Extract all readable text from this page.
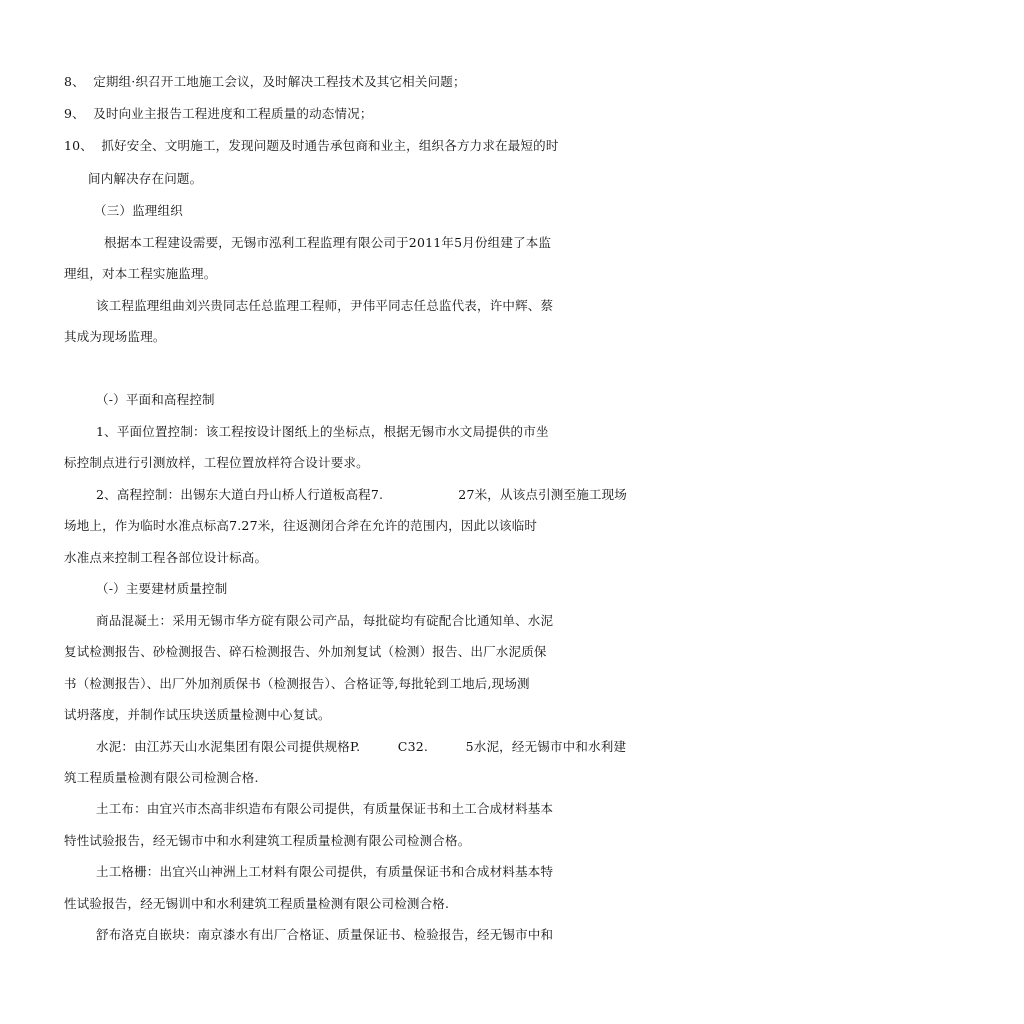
8、  定期组·织召开工地施工会议，及时解决工程技术及其它相关问题；
9、  及时向业主报告工程进度和工程质量的动态情况；
10、  抓好安全、文明施工，发现问题及时通告承包商和业主，组织各方力求在最短的时
间内解决存在问题。
（三）监理组织
根据本工程建设需要，无锡市泓利工程监理有限公司于2011年5月份组建了本监
理组，对本工程实施监理。
该工程监理组曲刘兴贵同志任总监理工程师，尹伟平同志任总监代表，许中辉、蔡
其成为现场监理。
（-）平面和高程控制
1、平面位置控制：该工程按设计图纸上的坐标点，根据无锡市水文局提供的市坐
标控制点进行引测放样，工程位置放样符合设计要求。
2、高程控制：出锡东大道白丹山桥人行道板高程7.                  27米，从该点引测至施工现场
场地上，作为临时水准点标高7.27米，往返测闭合斧在允许的范围内，因此以该临时
水准点来控制工程各部位设计标高。
（-）主要建材质量控制
商品混凝土：采用无锡市华方碇有限公司产品，每批碇均有碇配合比通知单、水泥
复试检测报告、砂检测报告、碎石检测报告、外加剂复试（检测）报告、出厂水泥质保
书（检测报告）、出厂外加剂质保书（检测报告）、合格证等,每批轮到工地后,现场测
试坍落度，并制作试压块送质量检测中心复试。
水泥：由江苏天山水泥集团有限公司提供规格P.         C32.         5水泥，经无锡市中和水利建
筑工程质量检测有限公司检测合格.
土工布：由宜兴市杰高非织造布有限公司提供，有质量保证书和土工合成材料基本
特性试验报告，经无锡市中和水利建筑工程质量检测有限公司检测合格。
土工格栅：出宜兴山神洲上工材料有限公司提供，有质量保证书和合成材料基本特
性试验报告，经无锡训中和水利建筑工程质量检测有限公司检测合格.
舒布洛克自嵌块：南京漆水有出厂合格证、质量保证书、检验报告，经无锡市中和
